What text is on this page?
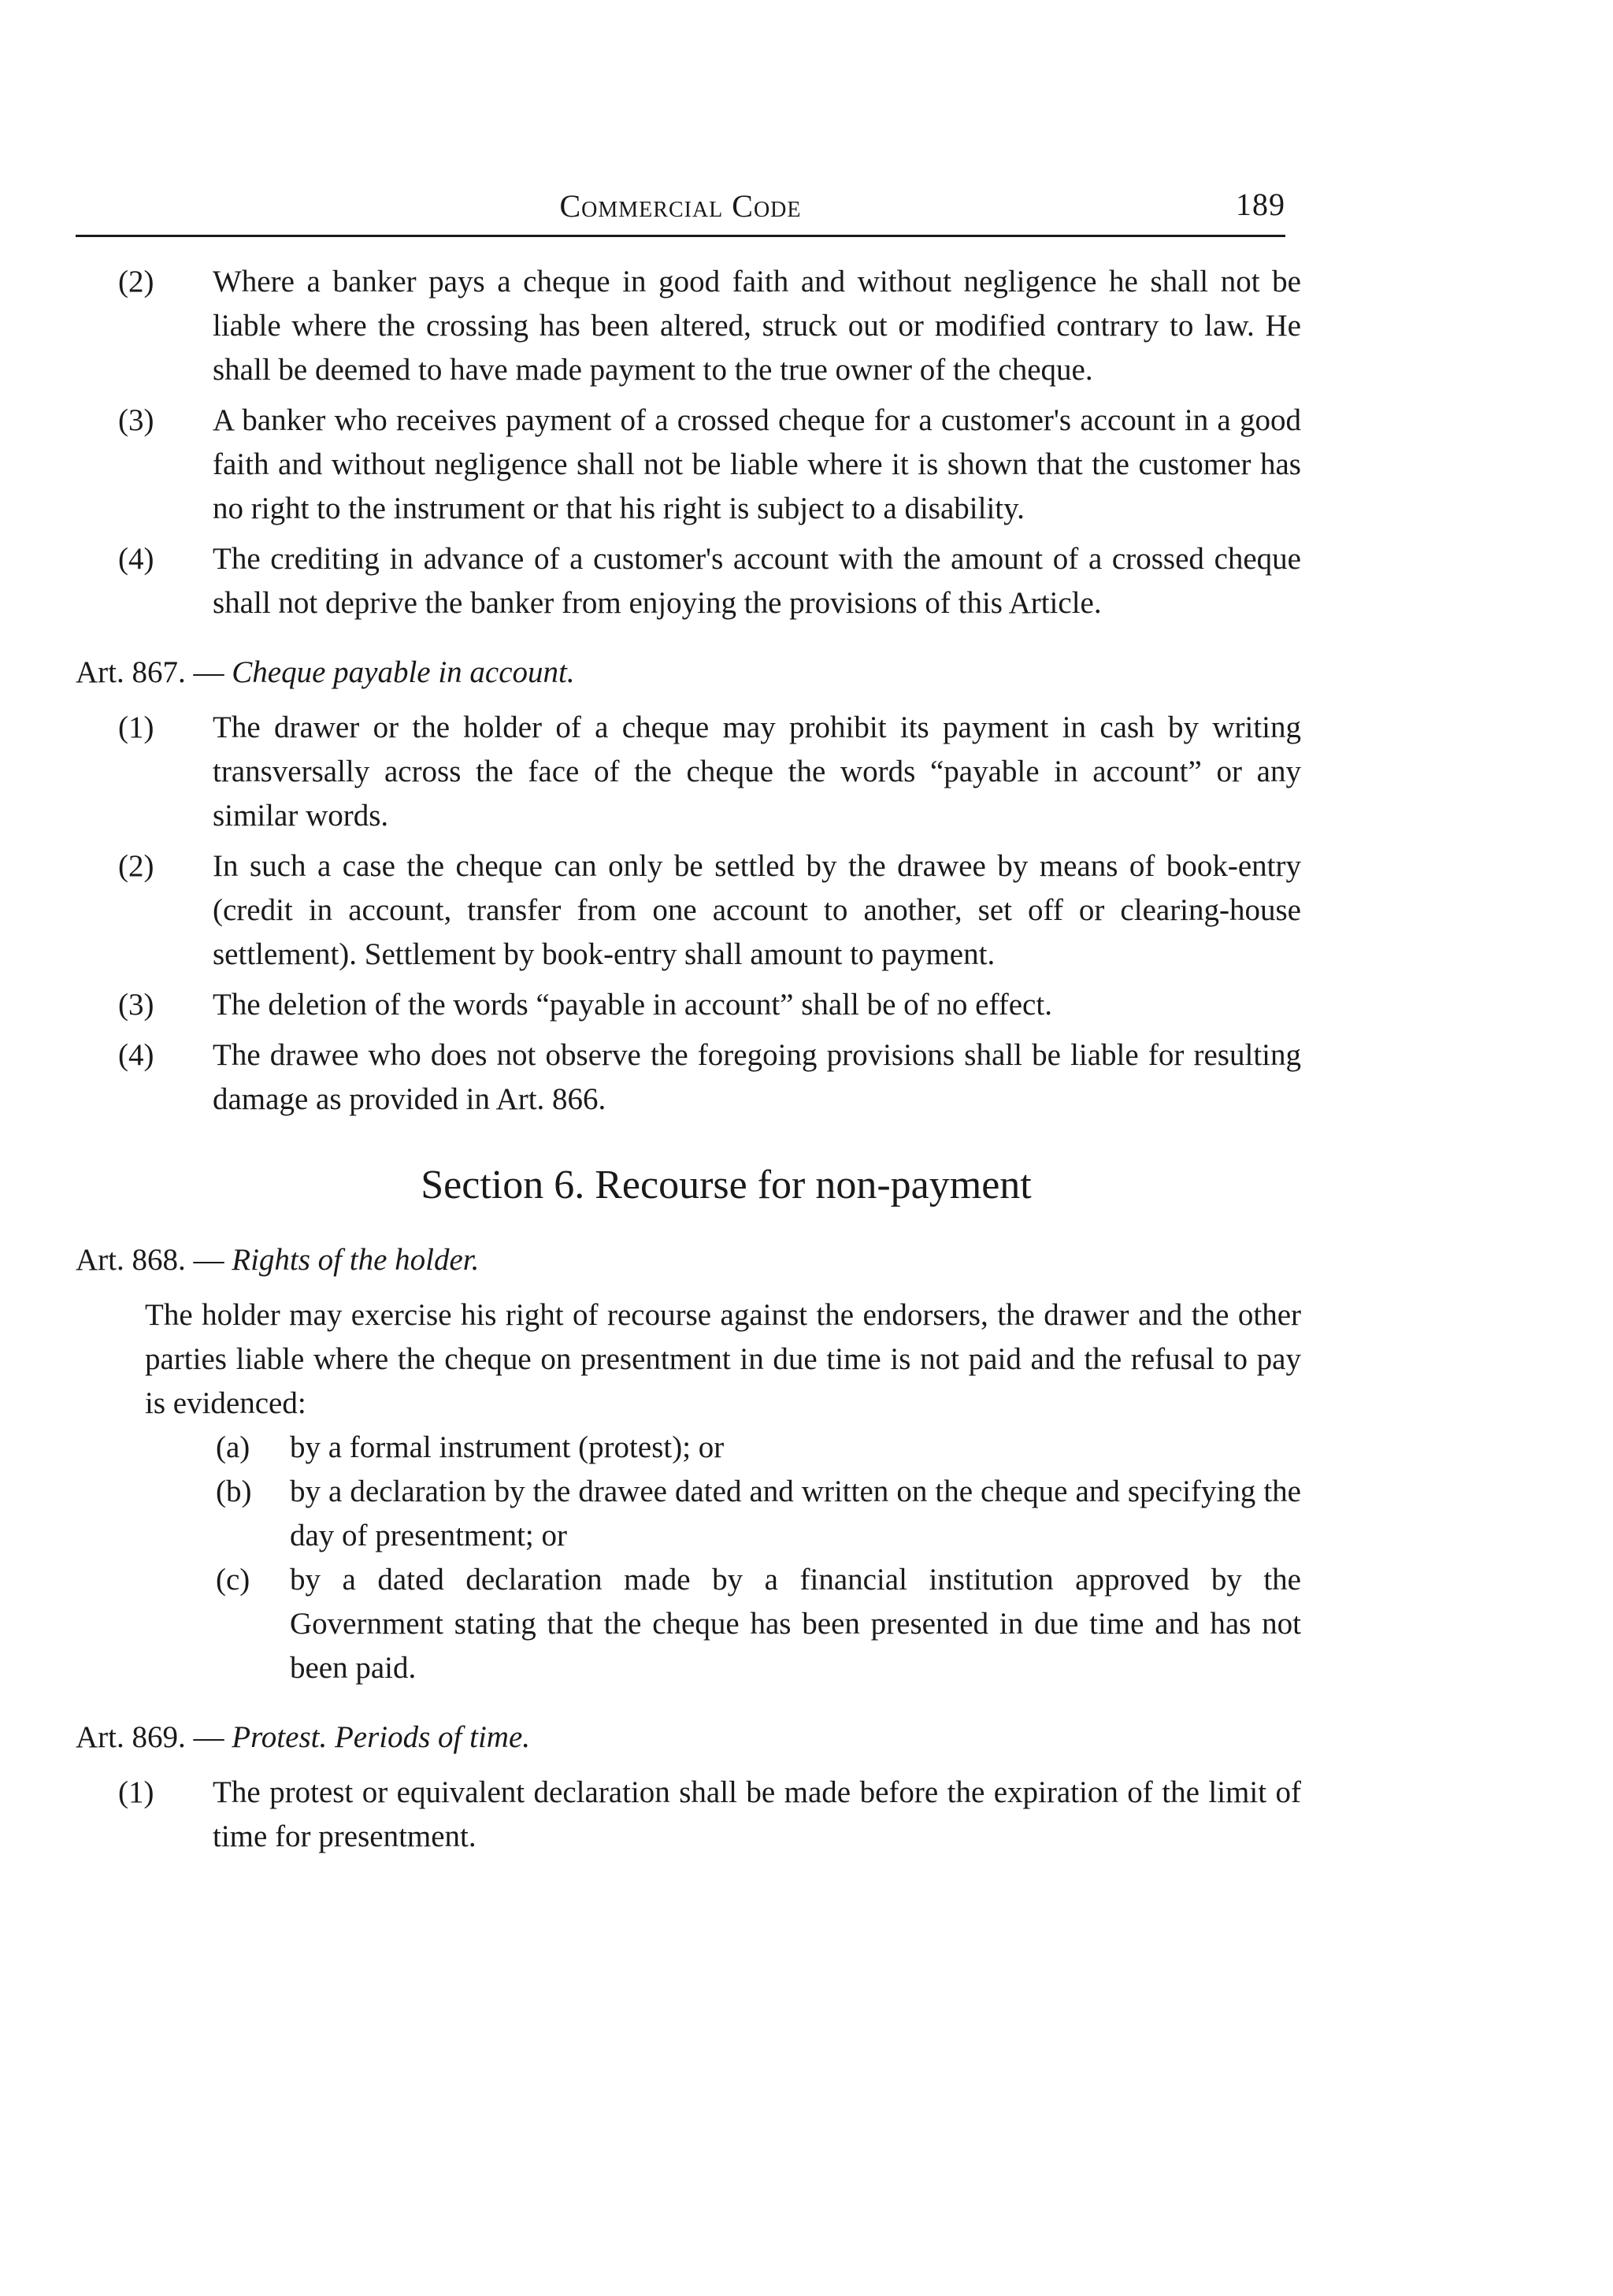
Commercial Code	189
(2) Where a banker pays a cheque in good faith and without negligence he shall not be liable where the crossing has been altered, struck out or modified contrary to law. He shall be deemed to have made payment to the true owner of the cheque.
(3) A banker who receives payment of a crossed cheque for a customer's account in a good faith and without negligence shall not be liable where it is shown that the customer has no right to the instrument or that his right is subject to a disability.
(4) The crediting in advance of a customer's account with the amount of a crossed cheque shall not deprive the banker from enjoying the provisions of this Article.
Art. 867. — Cheque payable in account.
(1) The drawer or the holder of a cheque may prohibit its payment in cash by writing transversally across the face of the cheque the words “payable in account” or any similar words.
(2) In such a case the cheque can only be settled by the drawee by means of book-entry (credit in account, transfer from one account to another, set off or clearing-house settlement). Settlement by book-entry shall amount to payment.
(3) The deletion of the words “payable in account” shall be of no effect.
(4) The drawee who does not observe the foregoing provisions shall be liable for resulting damage as provided in Art. 866.
Section 6. Recourse for non-payment
Art. 868. — Rights of the holder.
The holder may exercise his right of recourse against the endorsers, the drawer and the other parties liable where the cheque on presentment in due time is not paid and the refusal to pay is evidenced:
(a) by a formal instrument (protest); or
(b) by a declaration by the drawee dated and written on the cheque and specifying the day of presentment; or
(c) by a dated declaration made by a financial institution approved by the Government stating that the cheque has been presented in due time and has not been paid.
Art. 869. — Protest. Periods of time.
(1) The protest or equivalent declaration shall be made before the expiration of the limit of time for presentment.
